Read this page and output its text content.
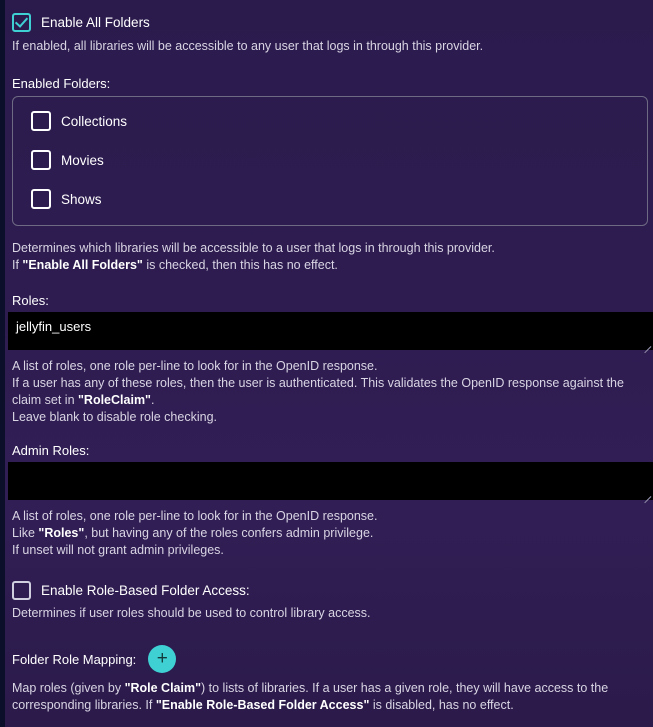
Enable All Folders
If enabled, all libraries will be accessible to any user that logs in through this provider.
Enabled Folders:
Collections
Movies
Shows
Determines which libraries will be accessible to a user that logs in through this provider.
If "Enable All Folders" is checked, then this has no effect.
Roles:
jellyfin_users
A list of roles, one role per-line to look for in the OpenID response.
If a user has any of these roles, then the user is authenticated. This validates the OpenID response against the
claim set in "RoleClaim".
Leave blank to disable role checking.
Admin Roles:
A list of roles, one role per-line to look for in the OpenID response.
Like "Roles", but having any of the roles confers admin privilege.
If unset will not grant admin privileges.
Enable Role-Based Folder Access:
Determines if user roles should be used to control library access.
Folder Role Mapping:	+
Map roles (given by "Role Claim") to lists of libraries. If a user has a given role, they will have access to the
corresponding libraries. If "Enable Role-Based Folder Access" is disabled, has no effect.
